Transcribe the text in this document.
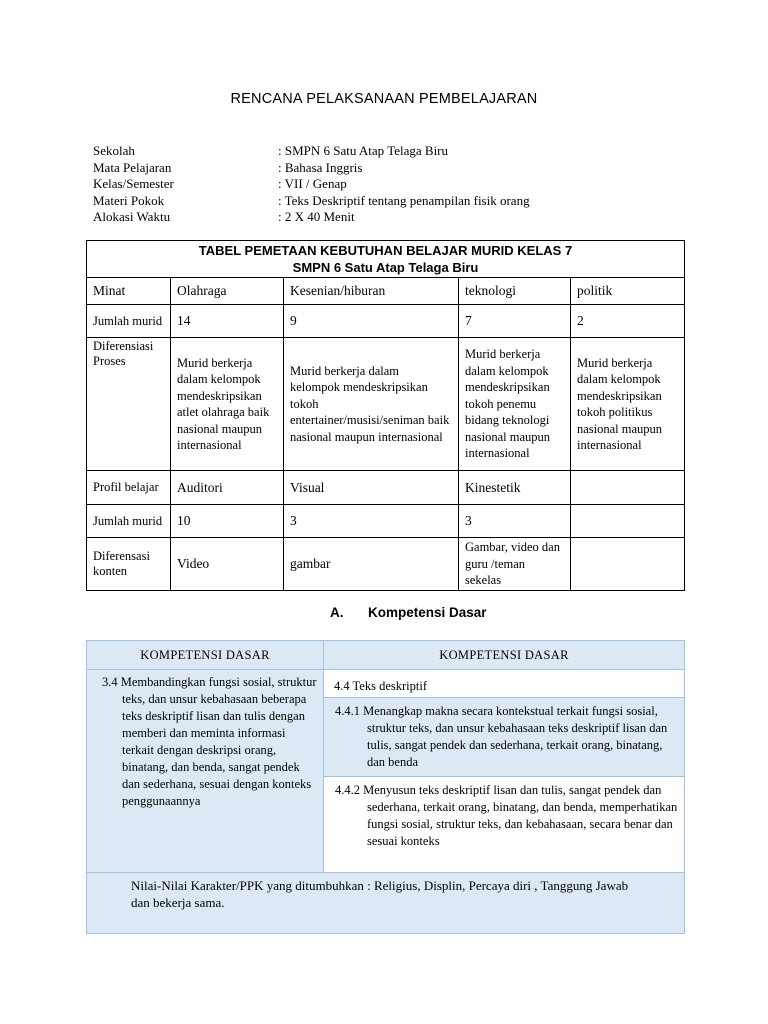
RENCANA PELAKSANAAN PEMBELAJARAN
Sekolah	: SMPN 6 Satu Atap Telaga Biru
Mata Pelajaran	: Bahasa Inggris
Kelas/Semester	: VII / Genap
Materi Pokok	: Teks Deskriptif tentang penampilan fisik orang
Alokasi Waktu	: 2 X 40 Menit
TABEL PEMETAAN KEBUTUHAN BELAJAR MURID KELAS 7
SMPN 6 Satu Atap Telaga Biru				

Minat	Olahraga	Kesenian/hiburan	teknologi	politik
Jumlah murid	14	9	7	2
Diferensiasi Proses	Murid berkerja dalam kelompok mendeskripsikan atlet olahraga baik nasional maupun internasional	Murid berkerja dalam kelompok mendeskripsikan tokoh entertainer/musisi/seniman baik nasional maupun internasional	Murid berkerja dalam kelompok mendeskripsikan tokoh penemu bidang teknologi nasional maupun internasional	Murid berkerja dalam kelompok mendeskripsikan tokoh politikus nasional maupun internasional
Profil belajar	Auditori	Visual	Kinestetik	
Jumlah murid	10	3	3	
Diferensasi konten	Video	gambar	Gambar, video dan guru /teman sekelas	
A. Kompetensi Dasar
KOMPETENSI DASAR	KOMPETENSI DASAR

3.4 Membandingkan fungsi sosial, struktur teks, dan unsur kebahasaan beberapa teks deskriptif lisan dan tulis dengan memberi dan meminta informasi terkait dengan deskripsi orang, binatang, dan benda, sangat pendek dan sederhana, sesuai dengan konteks penggunaannya	4.4 Teks deskriptif

	4.4.1 Menangkap makna secara kontekstual terkait fungsi sosial, struktur teks, dan unsur kebahasaan teks deskriptif lisan dan tulis, sangat pendek dan sederhana, terkait orang, binatang, dan benda

	4.4.2 Menyusun teks deskriptif lisan dan tulis, sangat pendek dan sederhana, terkait orang, binatang, dan benda, memperhatikan fungsi sosial, struktur teks, dan kebahasaan, secara benar dan sesuai konteks

Nilai-Nilai Karakter/PPK yang ditumbuhkan : Religius, Displin, Percaya diri , Tanggung Jawab dan bekerja sama.	
